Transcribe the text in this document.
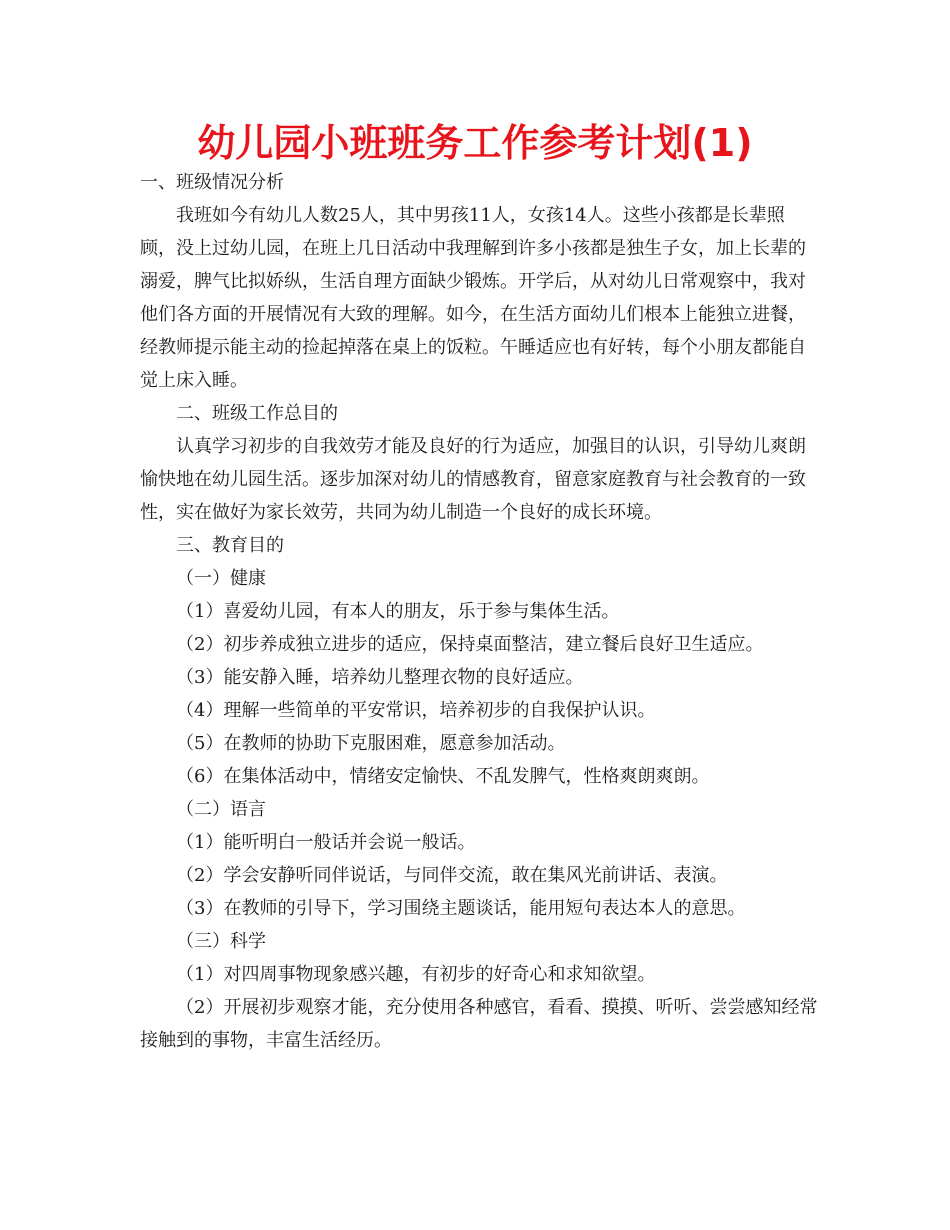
幼儿园小班班务工作参考计划(1)

一、班级情况分析

我班如今有幼儿人数25人，其中男孩11人，女孩14人。这些小孩都是长辈照顾，没上过幼儿园，在班上几日活动中我理解到许多小孩都是独生子女，加上长辈的溺爱，脾气比拟娇纵，生活自理方面缺少锻炼。开学后，从对幼儿日常观察中，我对他们各方面的开展情况有大致的理解。如今，在生活方面幼儿们根本上能独立进餐，经教师提示能主动的捡起掉落在桌上的饭粒。午睡适应也有好转，每个小朋友都能自觉上床入睡。

二、班级工作总目的

认真学习初步的自我效劳才能及良好的行为适应，加强目的认识，引导幼儿爽朗愉快地在幼儿园生活。逐步加深对幼儿的情感教育，留意家庭教育与社会教育的一致性，实在做好为家长效劳，共同为幼儿制造一个良好的成长环境。

三、教育目的

（一）健康

（1）喜爱幼儿园，有本人的朋友，乐于参与集体生活。

（2）初步养成独立进步的适应，保持桌面整洁，建立餐后良好卫生适应。

（3）能安静入睡，培养幼儿整理衣物的良好适应。

（4）理解一些简单的平安常识，培养初步的自我保护认识。

（5）在教师的协助下克服困难，愿意参加活动。

（6）在集体活动中，情绪安定愉快、不乱发脾气，性格爽朗爽朗。

（二）语言

（1）能听明白一般话并会说一般话。

（2）学会安静听同伴说话，与同伴交流，敢在集风光前讲话、表演。

（3）在教师的引导下，学习围绕主题谈话，能用短句表达本人的意思。

（三）科学

（1）对四周事物现象感兴趣，有初步的好奇心和求知欲望。

（2）开展初步观察才能，充分使用各种感官，看看、摸摸、听听、尝尝感知经常接触到的事物，丰富生活经历。
